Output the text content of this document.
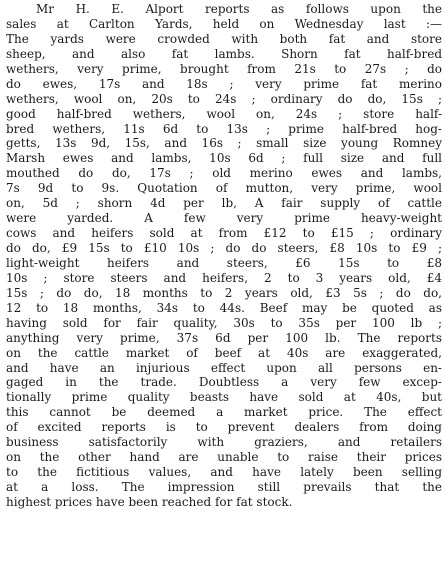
Mr H. E. Alport reports as follows upon the
sales at Carlton Yards, held on Wednesday last :—
The yards were crowded with both fat and store
sheep, and also fat lambs. Shorn fat half-bred
wethers, very prime, brought from 21s to 27s ; do
do ewes, 17s and 18s ; very prime fat merino
wethers, wool on, 20s to 24s ; ordinary do do, 15s ;
good half-bred wethers, wool on, 24s ; store half-
bred wethers, 11s 6d to 13s ; prime half-bred hog-
getts, 13s 9d, 15s, and 16s ; small size young Romney
Marsh ewes and lambs, 10s 6d ; full size and full
mouthed do do, 17s ; old merino ewes and lambs,
7s 9d to 9s. Quotation of mutton, very prime, wool
on, 5d ; shorn 4d per lb, A fair supply of cattle
were yarded. A few very prime heavy-weight
cows and heifers sold at from £12 to £15 ; ordinary
do do, £9 15s to £10 10s ; do do steers, £8 10s to £9 ;
light-weight heifers and steers, £6 15s to £8
10s ; store steers and heifers, 2 to 3 years old, £4
15s ; do do, 18 months to 2 years old, £3 5s ; do do,
12 to 18 months, 34s to 44s. Beef may be quoted as
having sold for fair quality, 30s to 35s per 100 lb ;
anything very prime, 37s 6d per 100 lb. The reports
on the cattle market of beef at 40s are exaggerated,
and have an injurious effect upon all persons en-
gaged in the trade. Doubtless a very few excep-
tionally prime quality beasts have sold at 40s, but
this cannot be deemed a market price. The effect
of excited reports is to prevent dealers from doing
business satisfactorily with graziers, and retailers
on the other hand are unable to raise their prices
to the fictitious values, and have lately been selling
at a loss. The impression still prevails that the
highest prices have been reached for fat stock.
